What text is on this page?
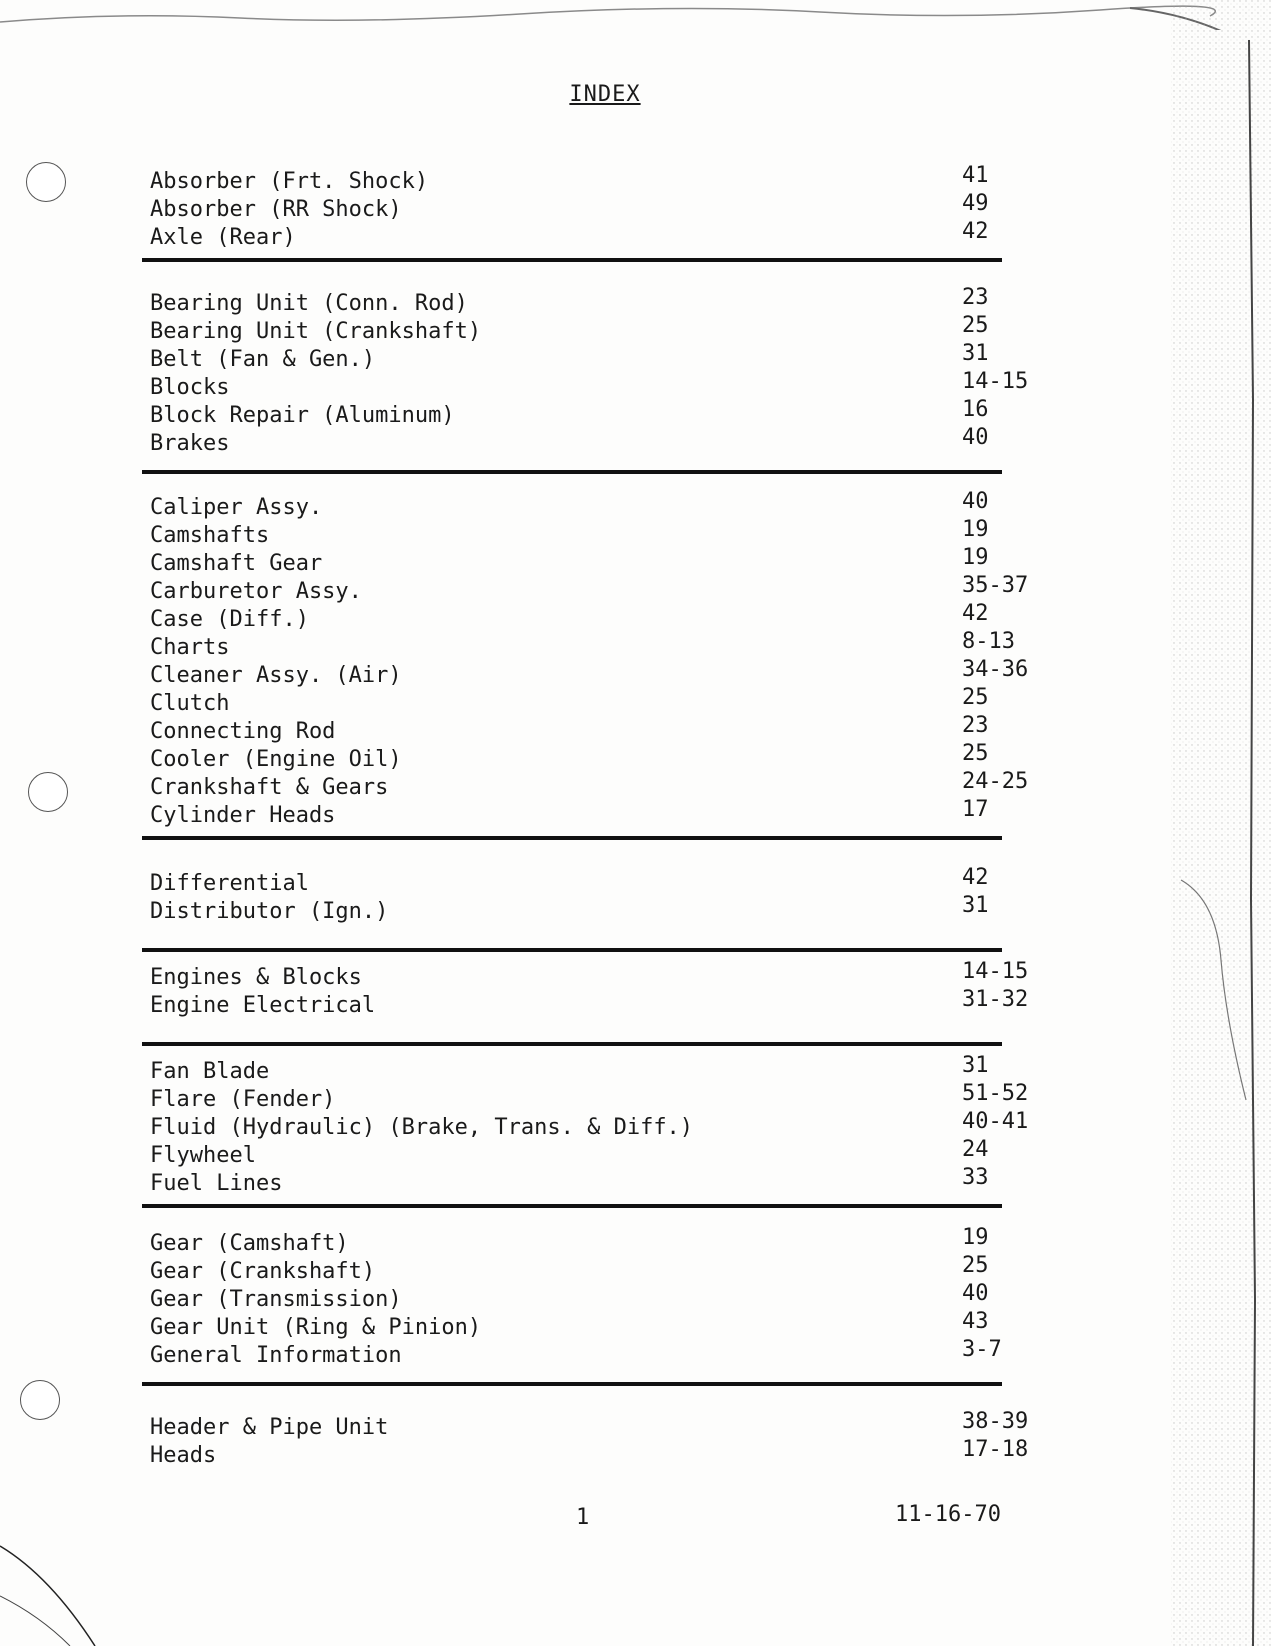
INDEX
Absorber (Frt. Shock)	41
Absorber (RR Shock)	49
Axle (Rear)	42
Bearing Unit (Conn. Rod)	23
Bearing Unit (Crankshaft)	25
Belt (Fan & Gen.)	31
Blocks	14-15
Block Repair (Aluminum)	16
Brakes	40
Caliper Assy.	40
Camshafts	19
Camshaft Gear	19
Carburetor Assy.	35-37
Case (Diff.)	42
Charts	8-13
Cleaner Assy. (Air)	34-36
Clutch	25
Connecting Rod	23
Cooler (Engine Oil)	25
Crankshaft & Gears	24-25
Cylinder Heads	17
Differential	42
Distributor (Ign.)	31
Engines & Blocks	14-15
Engine Electrical	31-32
Fan Blade	31
Flare (Fender)	51-52
Fluid (Hydraulic) (Brake, Trans. & Diff.)	40-41
Flywheel	24
Fuel Lines	33
Gear (Camshaft)	19
Gear (Crankshaft)	25
Gear (Transmission)	40
Gear Unit (Ring & Pinion)	43
General Information	3-7
Header & Pipe Unit	38-39
Heads	17-18
1	11-16-70
